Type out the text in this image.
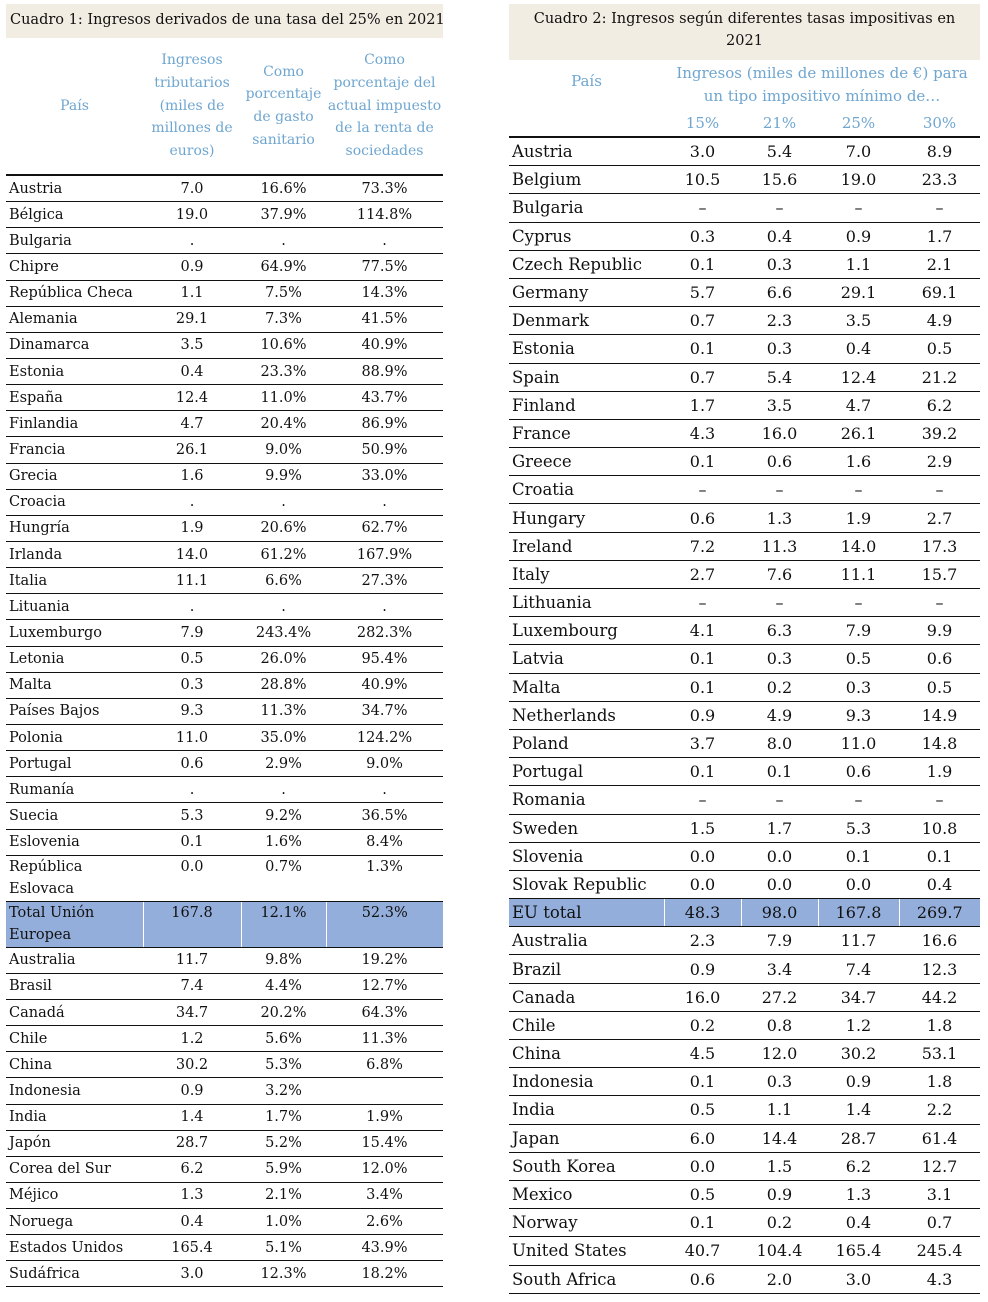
Cuadro 1: Ingresos derivados de una tasa del 25% en 2021
País	Ingresos tributarios (miles de millones de euros)	Como porcentaje de gasto sanitario	Como porcentaje del actual impuesto de la renta de sociedades
Austria	7.0	16.6%	73.3%
Bélgica	19.0	37.9%	114.8%
Bulgaria	.	.	.
Chipre	0.9	64.9%	77.5%
República Checa	1.1	7.5%	14.3%
Alemania	29.1	7.3%	41.5%
Dinamarca	3.5	10.6%	40.9%
Estonia	0.4	23.3%	88.9%
España	12.4	11.0%	43.7%
Finlandia	4.7	20.4%	86.9%
Francia	26.1	9.0%	50.9%
Grecia	1.6	9.9%	33.0%
Croacia	.	.	.
Hungría	1.9	20.6%	62.7%
Irlanda	14.0	61.2%	167.9%
Italia	11.1	6.6%	27.3%
Lituania	.	.	.
Luxemburgo	7.9	243.4%	282.3%
Letonia	0.5	26.0%	95.4%
Malta	0.3	28.8%	40.9%
Países Bajos	9.3	11.3%	34.7%
Polonia	11.0	35.0%	124.2%
Portugal	0.6	2.9%	9.0%
Rumanía	.	.	.
Suecia	5.3	9.2%	36.5%
Eslovenia	0.1	1.6%	8.4%
República Eslovaca	0.0	0.7%	1.3%
Total Unión Europea	167.8	12.1%	52.3%
Australia	11.7	9.8%	19.2%
Brasil	7.4	4.4%	12.7%
Canadá	34.7	20.2%	64.3%
Chile	1.2	5.6%	11.3%
China	30.2	5.3%	6.8%
Indonesia	0.9	3.2%	
India	1.4	1.7%	1.9%
Japón	28.7	5.2%	15.4%
Corea del Sur	6.2	5.9%	12.0%
Méjico	1.3	2.1%	3.4%
Noruega	0.4	1.0%	2.6%
Estados Unidos	165.4	5.1%	43.9%
Sudáfrica	3.0	12.3%	18.2%
Cuadro 2: Ingresos según diferentes tasas impositivas en 2021
País	Ingresos (miles de millones de €) para un tipo impositivo mínimo de…			
	15%	21%	25%	30%
Austria	3.0	5.4	7.0	8.9
Belgium	10.5	15.6	19.0	23.3
Bulgaria	–	–	–	–
Cyprus	0.3	0.4	0.9	1.7
Czech Republic	0.1	0.3	1.1	2.1
Germany	5.7	6.6	29.1	69.1
Denmark	0.7	2.3	3.5	4.9
Estonia	0.1	0.3	0.4	0.5
Spain	0.7	5.4	12.4	21.2
Finland	1.7	3.5	4.7	6.2
France	4.3	16.0	26.1	39.2
Greece	0.1	0.6	1.6	2.9
Croatia	–	–	–	–
Hungary	0.6	1.3	1.9	2.7
Ireland	7.2	11.3	14.0	17.3
Italy	2.7	7.6	11.1	15.7
Lithuania	–	–	–	–
Luxembourg	4.1	6.3	7.9	9.9
Latvia	0.1	0.3	0.5	0.6
Malta	0.1	0.2	0.3	0.5
Netherlands	0.9	4.9	9.3	14.9
Poland	3.7	8.0	11.0	14.8
Portugal	0.1	0.1	0.6	1.9
Romania	–	–	–	–
Sweden	1.5	1.7	5.3	10.8
Slovenia	0.0	0.0	0.1	0.1
Slovak Republic	0.0	0.0	0.0	0.4
EU total	48.3	98.0	167.8	269.7
Australia	2.3	7.9	11.7	16.6
Brazil	0.9	3.4	7.4	12.3
Canada	16.0	27.2	34.7	44.2
Chile	0.2	0.8	1.2	1.8
China	4.5	12.0	30.2	53.1
Indonesia	0.1	0.3	0.9	1.8
India	0.5	1.1	1.4	2.2
Japan	6.0	14.4	28.7	61.4
South Korea	0.0	1.5	6.2	12.7
Mexico	0.5	0.9	1.3	3.1
Norway	0.1	0.2	0.4	0.7
United States	40.7	104.4	165.4	245.4
South Africa	0.6	2.0	3.0	4.3
